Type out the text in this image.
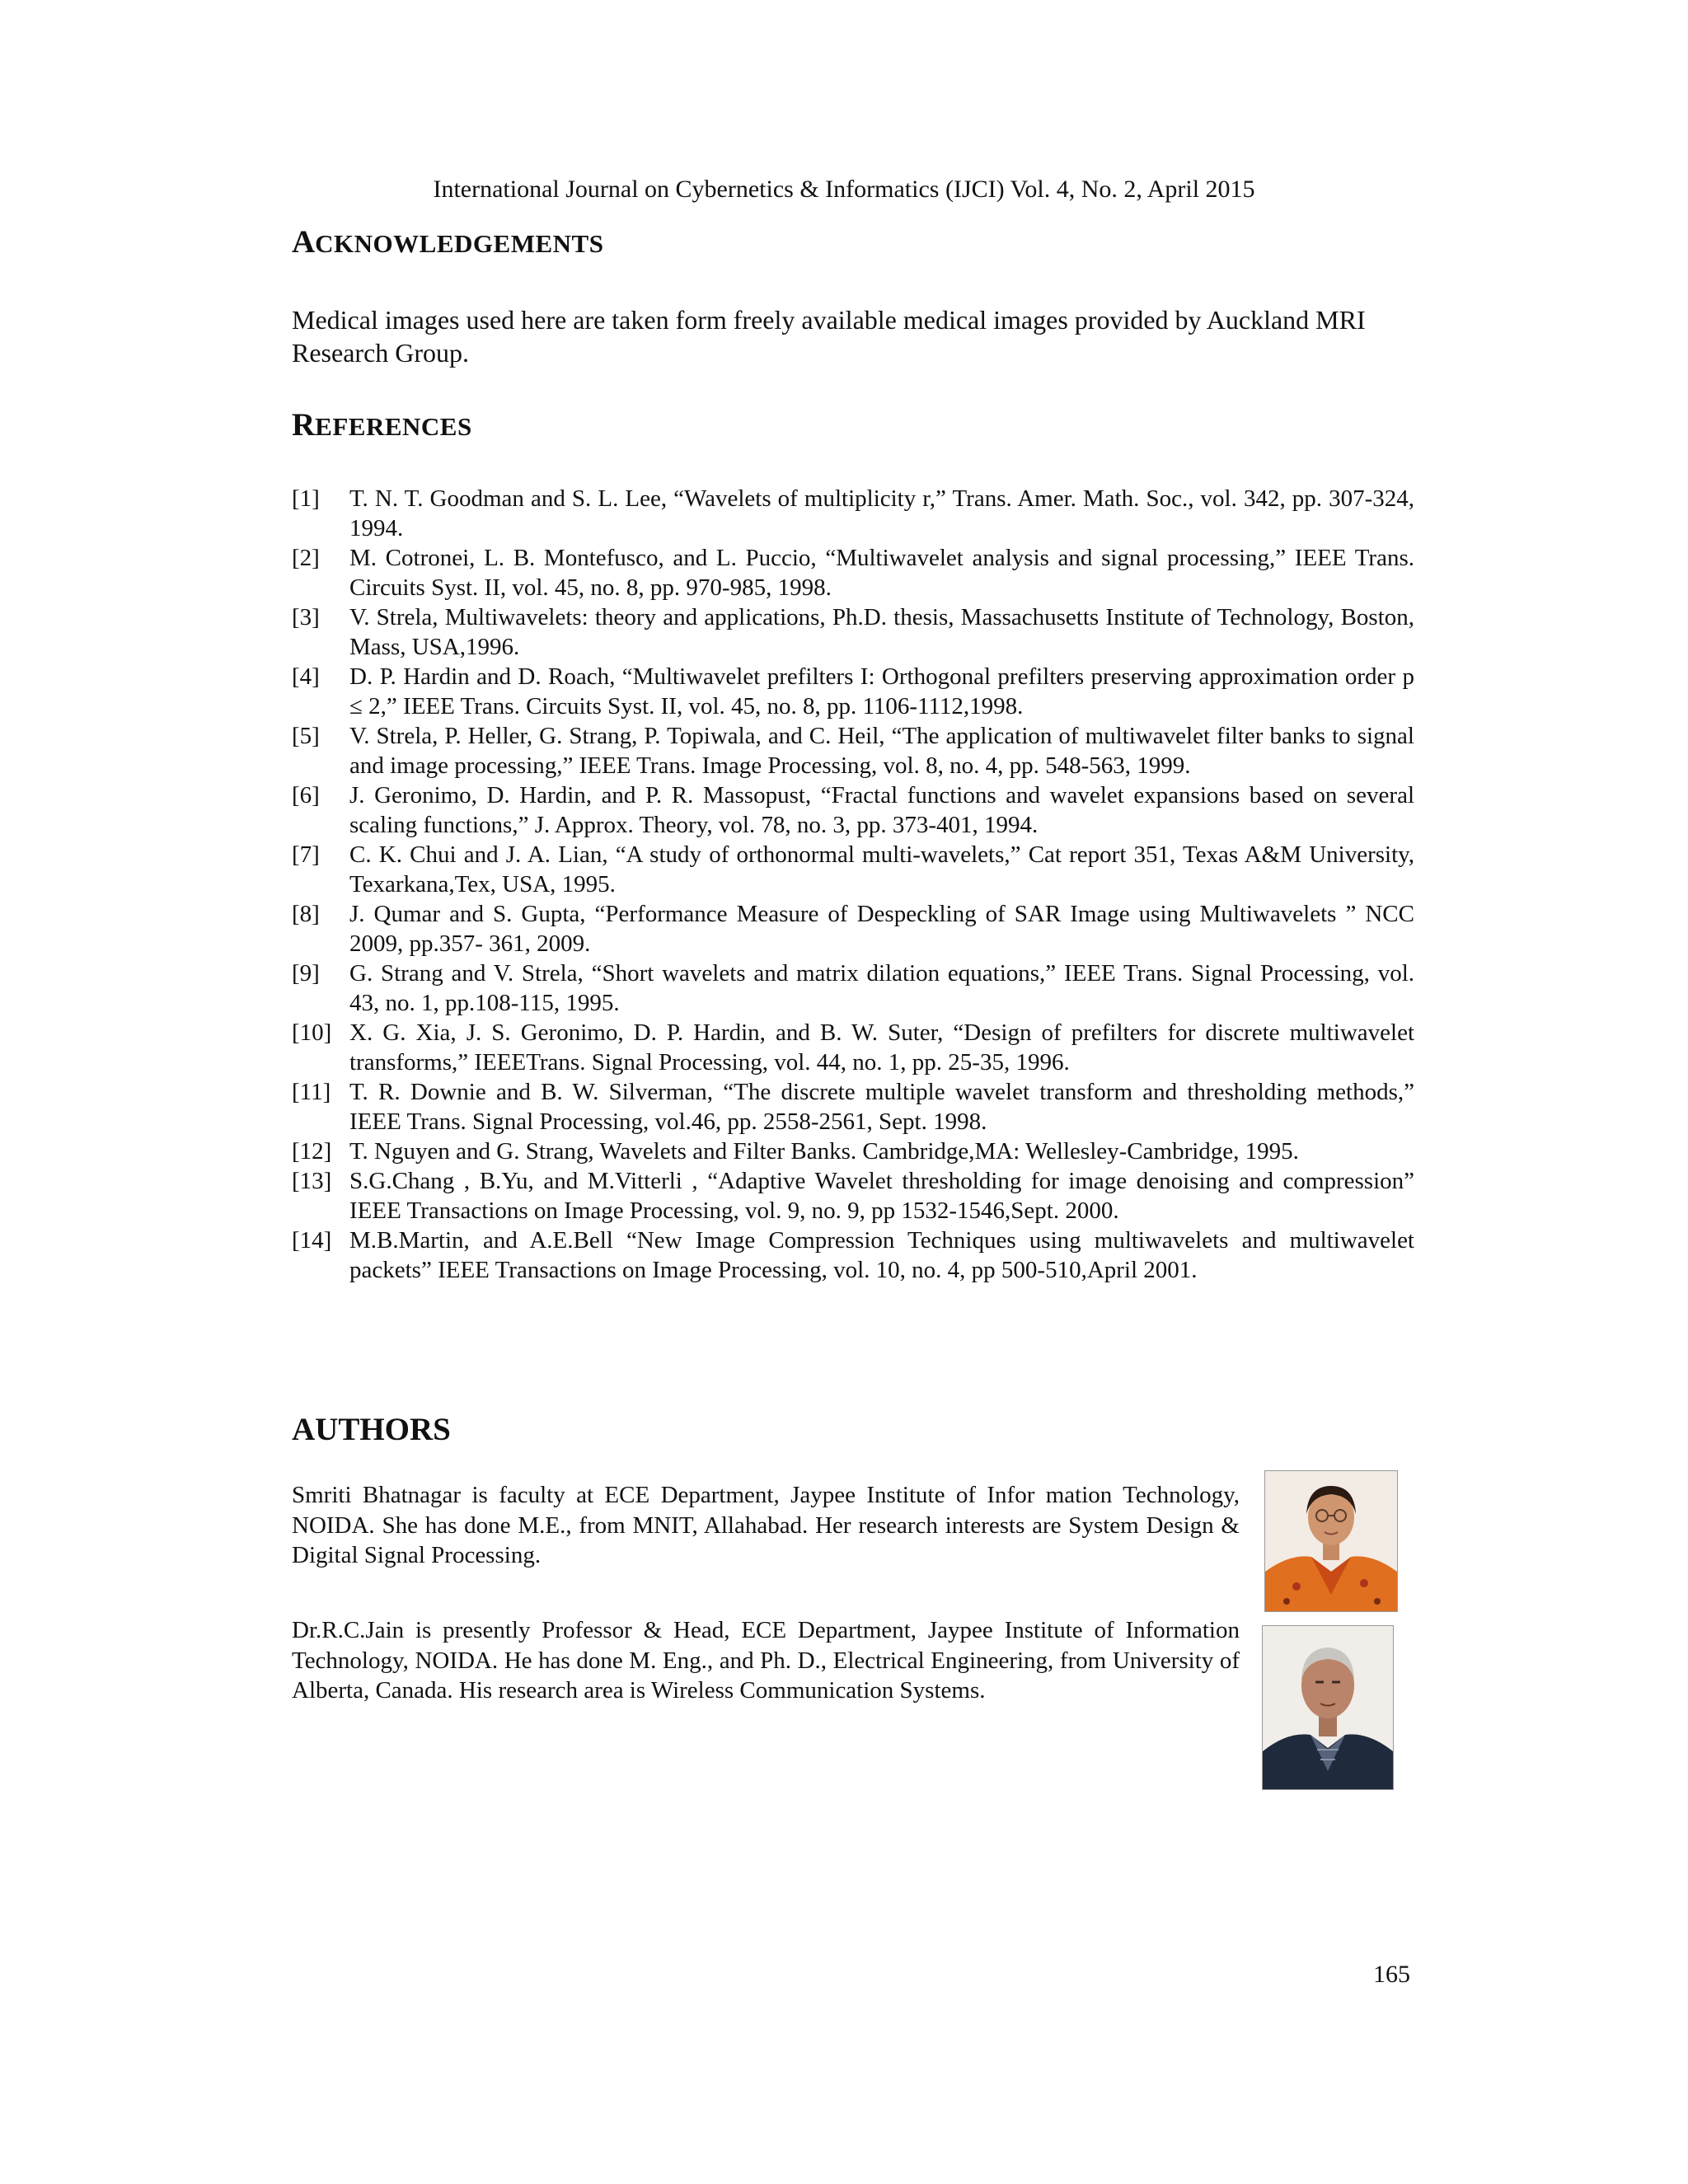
International Journal on Cybernetics & Informatics (IJCI) Vol. 4, No. 2, April 2015
ACKNOWLEDGEMENTS

Medical images used here are taken form freely available medical images provided by Auckland MRI Research Group.

REFERENCES
[1]	T. N. T. Goodman and S. L. Lee, “Wavelets of multiplicity r,” Trans. Amer. Math. Soc., vol. 342, pp. 307-324, 1994.
[2]	M. Cotronei, L. B. Montefusco, and L. Puccio, “Multiwavelet analysis and signal processing,” IEEE Trans. Circuits Syst. II, vol. 45, no. 8, pp. 970-985, 1998.
[3]	V. Strela, Multiwavelets: theory and applications, Ph.D. thesis, Massachusetts Institute of Technology, Boston, Mass, USA,1996.
[4]	D. P. Hardin and D. Roach, “Multiwavelet prefilters I: Orthogonal prefilters preserving approximation order p ≤ 2,” IEEE Trans. Circuits Syst. II, vol. 45, no. 8, pp. 1106-1112,1998.
[5]	V. Strela, P. Heller, G. Strang, P. Topiwala, and C. Heil, “The application of multiwavelet filter banks to signal and image processing,” IEEE Trans. Image Processing, vol. 8, no. 4, pp. 548-563, 1999.
[6]	J. Geronimo, D. Hardin, and P. R. Massopust, “Fractal functions and wavelet expansions based on several scaling functions,” J. Approx. Theory, vol. 78, no. 3, pp. 373-401, 1994.
[7]	C. K. Chui and J. A. Lian, “A study of orthonormal multi-wavelets,” Cat report 351, Texas A&M University, Texarkana,Tex, USA, 1995.
[8]	J. Qumar and S. Gupta, “Performance Measure of Despeckling of SAR Image using Multiwavelets ” NCC 2009, pp.357- 361, 2009.
[9]	G. Strang and V. Strela, “Short wavelets and matrix dilation equations,” IEEE Trans. Signal Processing, vol. 43, no. 1, pp.108-115, 1995.
[10] X. G. Xia, J. S. Geronimo, D. P. Hardin, and B. W. Suter, “Design of prefilters for discrete multiwavelet transforms,” IEEETrans. Signal Processing, vol. 44, no. 1, pp. 25-35, 1996.
[11] T. R. Downie and B. W. Silverman, “The discrete multiple wavelet transform and thresholding methods,” IEEE Trans. Signal Processing, vol.46, pp. 2558-2561, Sept. 1998.
[12] T. Nguyen and G. Strang, Wavelets and Filter Banks. Cambridge,MA: Wellesley-Cambridge, 1995.
[13] S.G.Chang , B.Yu, and M.Vitterli , “Adaptive Wavelet thresholding for image denoising and compression” IEEE Transactions on Image Processing, vol. 9, no. 9, pp 1532-1546,Sept. 2000.
[14] M.B.Martin, and A.E.Bell “New Image Compression Techniques using multiwavelets and multiwavelet packets” IEEE Transactions on Image Processing, vol. 10, no. 4, pp 500-510,April 2001.
AUTHORS

Smriti Bhatnagar is faculty at ECE Department, Jaypee Institute of Infor mation Technology, NOIDA. She has done M.E., from MNIT, Allahabad. Her research interests are System Design & Digital Signal Processing.

Dr.R.C.Jain is presently Professor & Head, ECE Department, Jaypee Institute of Information Technology, NOIDA. He has done M. Eng., and Ph. D., Electrical Engineering, from University of Alberta, Canada. His research area is Wireless Communication Systems.

165
